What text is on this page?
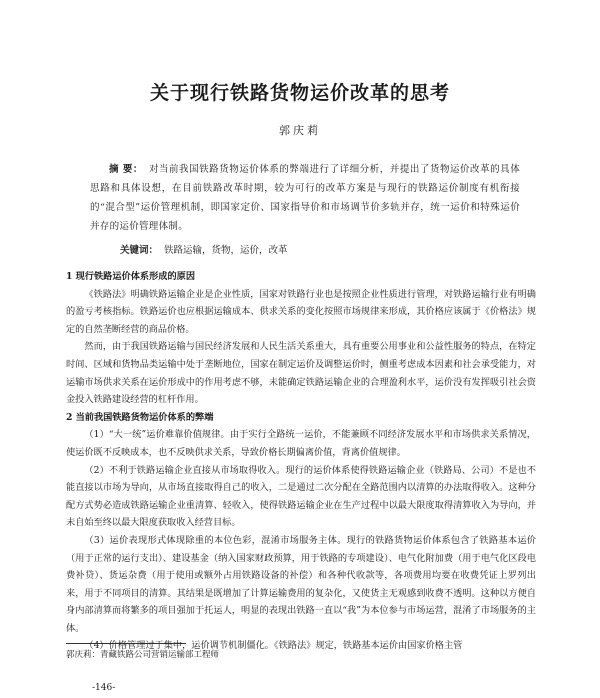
关于现行铁路货物运价改革的思考
郭庆莉
摘 要： 对当前我国铁路货物运价体系的弊端进行了详细分析，并提出了货物运价改革的具体思路和具体设想，在目前铁路改革时期，较为可行的改革方案是与现行的铁路运价制度有机衔接的“混合型”运价管理机制，即国家定价、国家指导价和市场调节价多轨并存，统一运价和特殊运价并存的运价管理体制。
关键词： 铁路运输，货物，运价，改革

1 现行铁路运价体系形成的原因

《铁路法》明确铁路运输企业是企业性质，国家对铁路行业也是按照企业性质进行管理，对铁路运输行业有明确的盈亏考核指标。铁路运价也应根据运输成本、供求关系的变化按照市场规律来形成，其价格应该属于《价格法》规定的自然垄断经营的商品价格。

然而，由于我国铁路运输与国民经济发展和人民生活关系重大，具有重要公用事业和公益性服务的特点，在特定时间、区域和货物品类运输中处于垄断地位，国家在制定运价及调整运价时，侧重考虑成本因素和社会承受能力，对运输市场供求关系在运价形成中的作用考虑不够，未能确定铁路运输企业的合理盈利水平，运价没有发挥吸引社会资金投入铁路建设经营的杠杆作用。

2 当前我国铁路货物运价体系的弊端

（1）“大一统”运价难靠价值规律。由于实行全路统一运价，不能兼顾不同经济发展水平和市场供求关系情况，使运价既不反映成本，也不反映供求关系，导致价格长期偏离价值，背离价值规律。

（2）不利于铁路运输企业直接从市场取得收入。现行的运价体系使得铁路运输企业（铁路局、公司）不是也不能直接以市场为导向，从市场直接取得自己的收入，二是通过二次分配在全路范围内以清算的办法取得收入。这种分配方式势必造成铁路运输企业重清算、轻收入，使得铁路运输企业在生产过程中以最大限度取得清算收入为导向，并未自始至终以最大限度获取收入经营目标。

（3）运价表现形式体现除重的本位色彩，混淆市场服务主体。现行的铁路货物运价体系包含了铁路基本运价（用于正常的运行支出）、建设基金（纳入国家财政预算，用于铁路的专项建设）、电气化附加费（用于电气化区段电费补贷）、货运杂费（用于使用或额外占用铁路设备的补偿）和各种代收款等，各项费用均要在收费凭证上罗列出来，用于不同项目的清算。其结果是既增加了计算运输费用的复杂化，又使货主无观感到收费不透明。这种以方便自身内部清算而将繁多的项目强加于托运人，明显的表现出铁路一直以“我”为本位参与市场运营，混淆了市场服务的主体。

（4）价格管理过于集中，运价调节机制僵化。《铁路法》规定，铁路基本运价由国家价格主管

郭庆莉：青藏铁路公司营销运输部工程师
-146-
